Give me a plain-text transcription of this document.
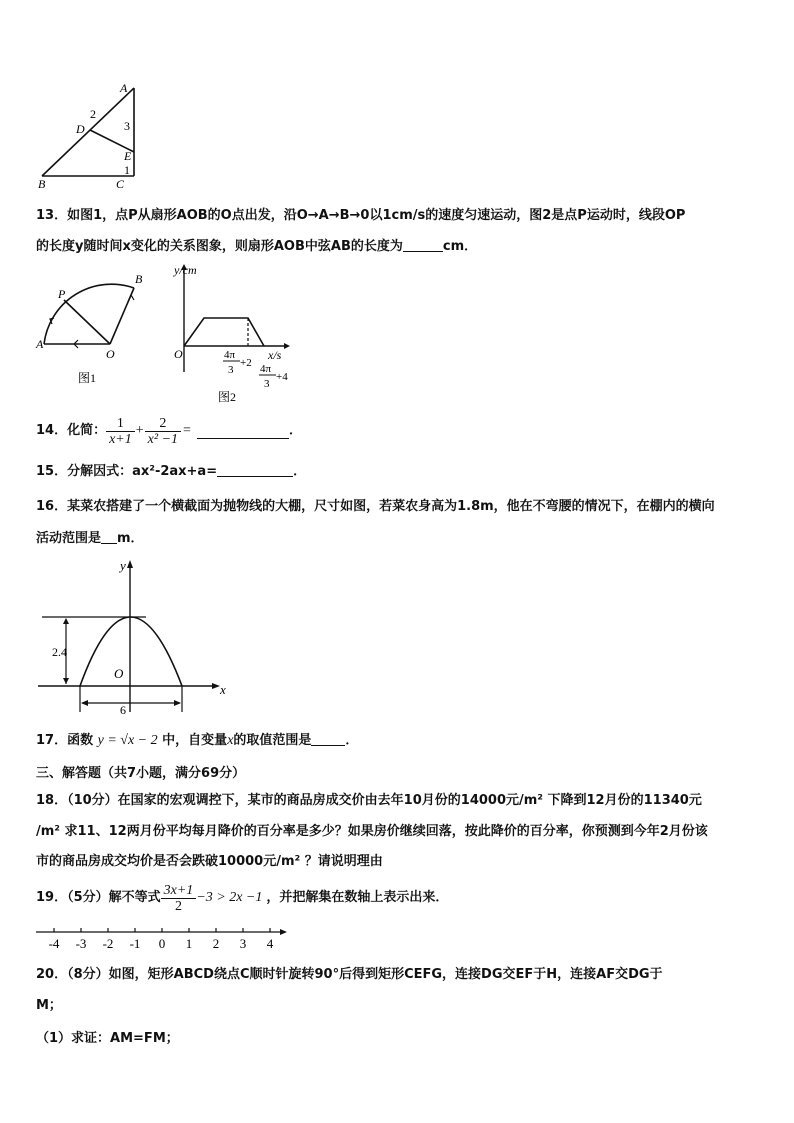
A
D
E
B	C
2
3
1
13．如图1，点P从扇形AOB的O点出发，沿O→A→B→0以1cm/s的速度匀速运动，图2是点P运动时，线段OP
的长度y随时间x变化的关系图象，则扇形AOB中弦AB的长度为	cm．
P
B
A
O
图1
y/cm
O	x/s
4π
3
+2 4π
3
+4
图2
14．化简： $\frac{1}{x+1} + \frac{2}{\text{x² −1}}$ =	．
15．分解因式：ax²-2ax+a=	．
16．某菜农搭建了一个横截面为抛物线的大棚，尺寸如图，若菜农身高为1.8m，他在不弯腰的情况下，在棚内的横向
活动范围是 m．
y
x
O
2.4
6
17．函数 y = √x − 2 中，自变量x的取值范围是	．
三、解答题（共7小题，满分69分）
18．（10分）在国家的宏观调控下，某市的商品房成交价由去年10月份的14000元/m² 下降到12月份的11340元
/m² 求11、12两月份平均每月降价的百分率是多少？如果房价继续回落，按此降价的百分率，你预测到今年2月份该
市的商品房成交均价是否会跌破10000元/m² ？请说明理由
19．（5分）解不等式 $\frac{3x+1}{2} -3 > 2x -1$ ，并把解集在数轴上表示出来．
-4 -3 -2 -1 0 1 2 3 4
20．（8分）如图，矩形ABCD绕点C顺时针旋转90°后得到矩形CEFG，连接DG交EF于H，连接AF交DG于
M；
（1）求证：AM=FM；
